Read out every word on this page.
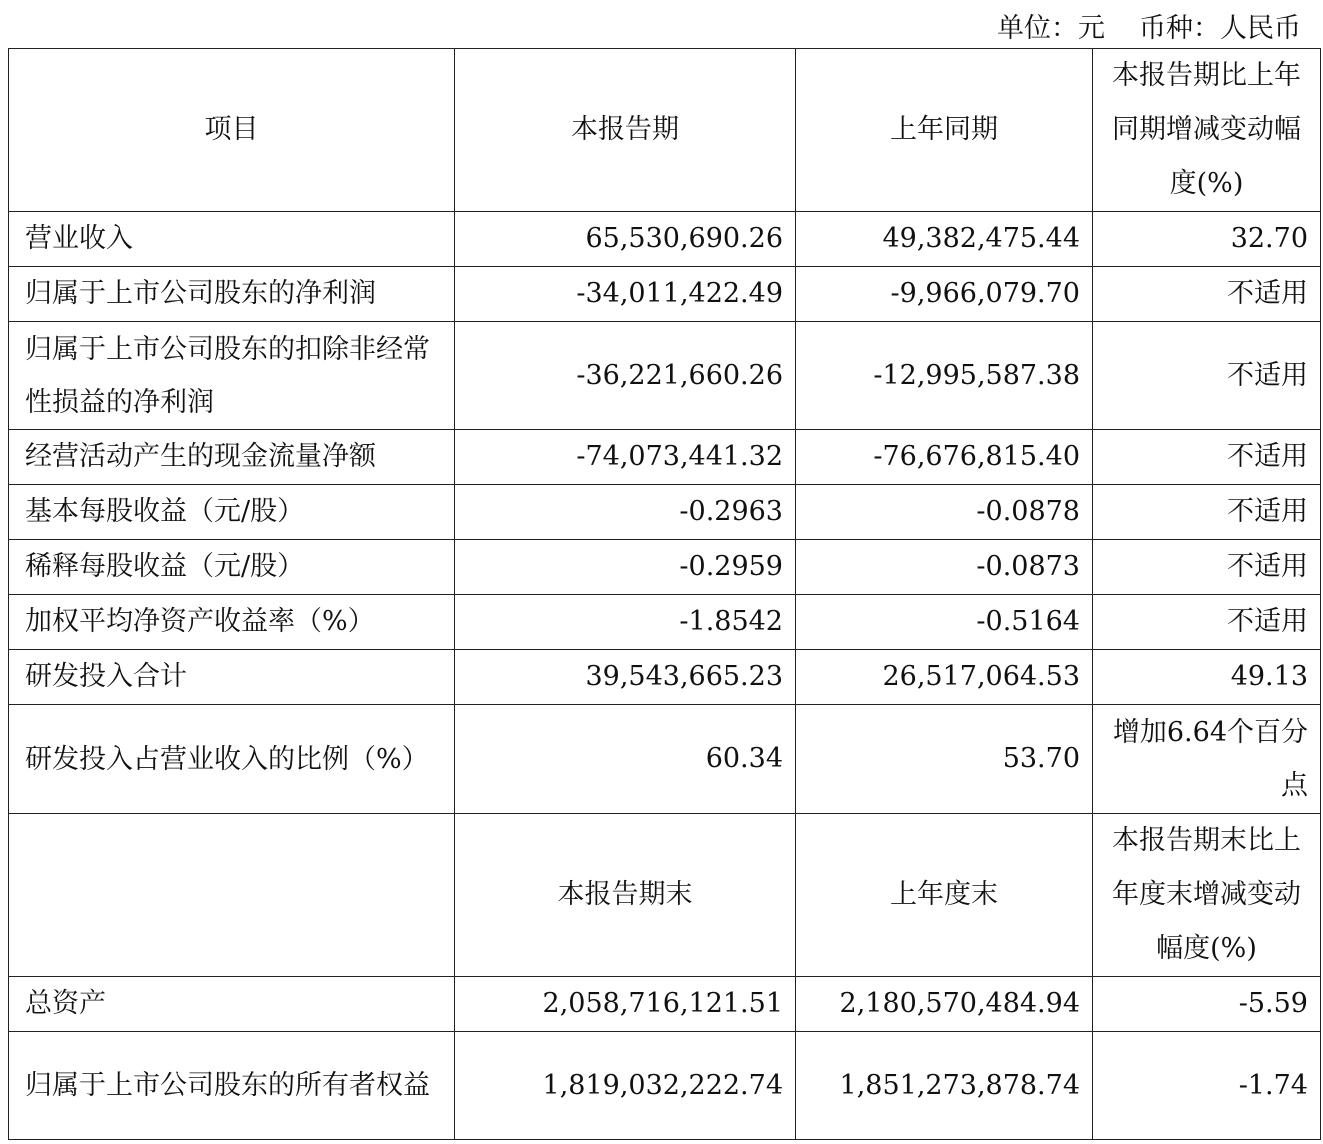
单位：元 币种：人民币
项目	本报告期	上年同期	本报告期比上年同期增减变动幅度(%)
营业收入	65,530,690.26	49,382,475.44	32.70
归属于上市公司股东的净利润	-34,011,422.49	-9,966,079.70	不适用
归属于上市公司股东的扣除非经常性损益的净利润	-36,221,660.26	-12,995,587.38	不适用
经营活动产生的现金流量净额	-74,073,441.32	-76,676,815.40	不适用
基本每股收益（元/股）	-0.2963	-0.0878	不适用
稀释每股收益（元/股）	-0.2959	-0.0873	不适用
加权平均净资产收益率（%）	-1.8542	-0.5164	不适用
研发投入合计	39,543,665.23	26,517,064.53	49.13
研发投入占营业收入的比例（%）	60.34	53.70	增加6.64个百分点
	本报告期末	上年度末	本报告期末比上年度末增减变动幅度(%)
总资产	2,058,716,121.51	2,180,570,484.94	-5.59
归属于上市公司股东的所有者权益	1,819,032,222.74	1,851,273,878.74	-1.74
